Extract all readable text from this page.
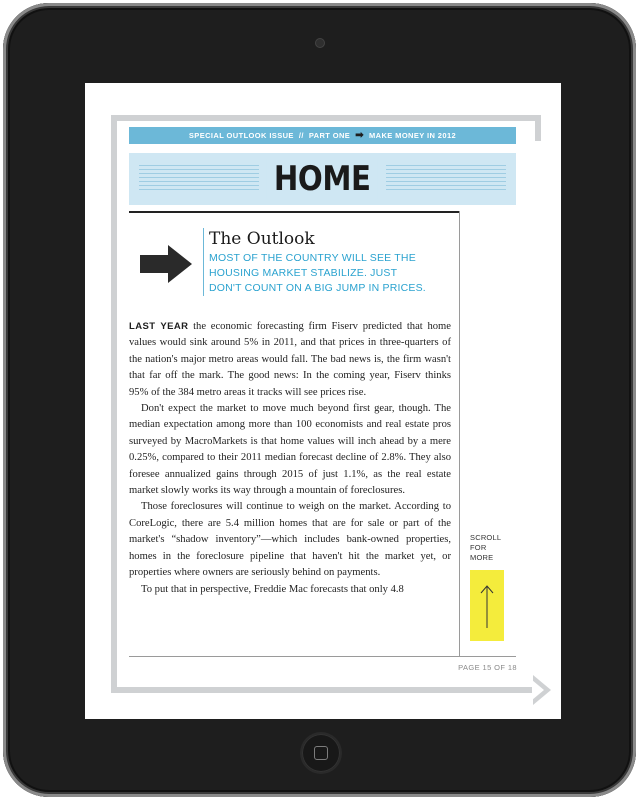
SPECIAL OUTLOOK ISSUE // PART ONE ➡ MAKE MONEY IN 2012
HOME
The Outlook
MOST OF THE COUNTRY WILL SEE THE HOUSING MARKET STABILIZE. JUST DON'T COUNT ON A BIG JUMP IN PRICES.

LAST YEAR the economic forecasting firm Fiserv predicted that home values would sink around 5% in 2011, and that prices in three-quarters of the nation's major metro areas would fall. The bad news is, the firm wasn't that far off the mark. The good news: In the coming year, Fiserv thinks 95% of the 384 metro areas it tracks will see prices rise.

Don't expect the market to move much beyond first gear, though. The median expectation among more than 100 economists and real estate pros surveyed by MacroMarkets is that home values will inch ahead by a mere 0.25%, compared to their 2011 median forecast decline of 2.8%. They also foresee annualized gains through 2015 of just 1.1%, as the real estate market slowly works its way through a mountain of foreclosures.

Those foreclosures will continue to weigh on the market. According to CoreLogic, there are 5.4 million homes that are for sale or part of the market's “shadow inventory”—which includes bank-owned properties, homes in the foreclosure pipeline that haven't hit the market yet, or properties where owners are seriously behind on payments.

To put that in perspective, Freddie Mac forecasts that only 4.8

SCROLL
FOR
MORE
PAGE 15 OF 18
